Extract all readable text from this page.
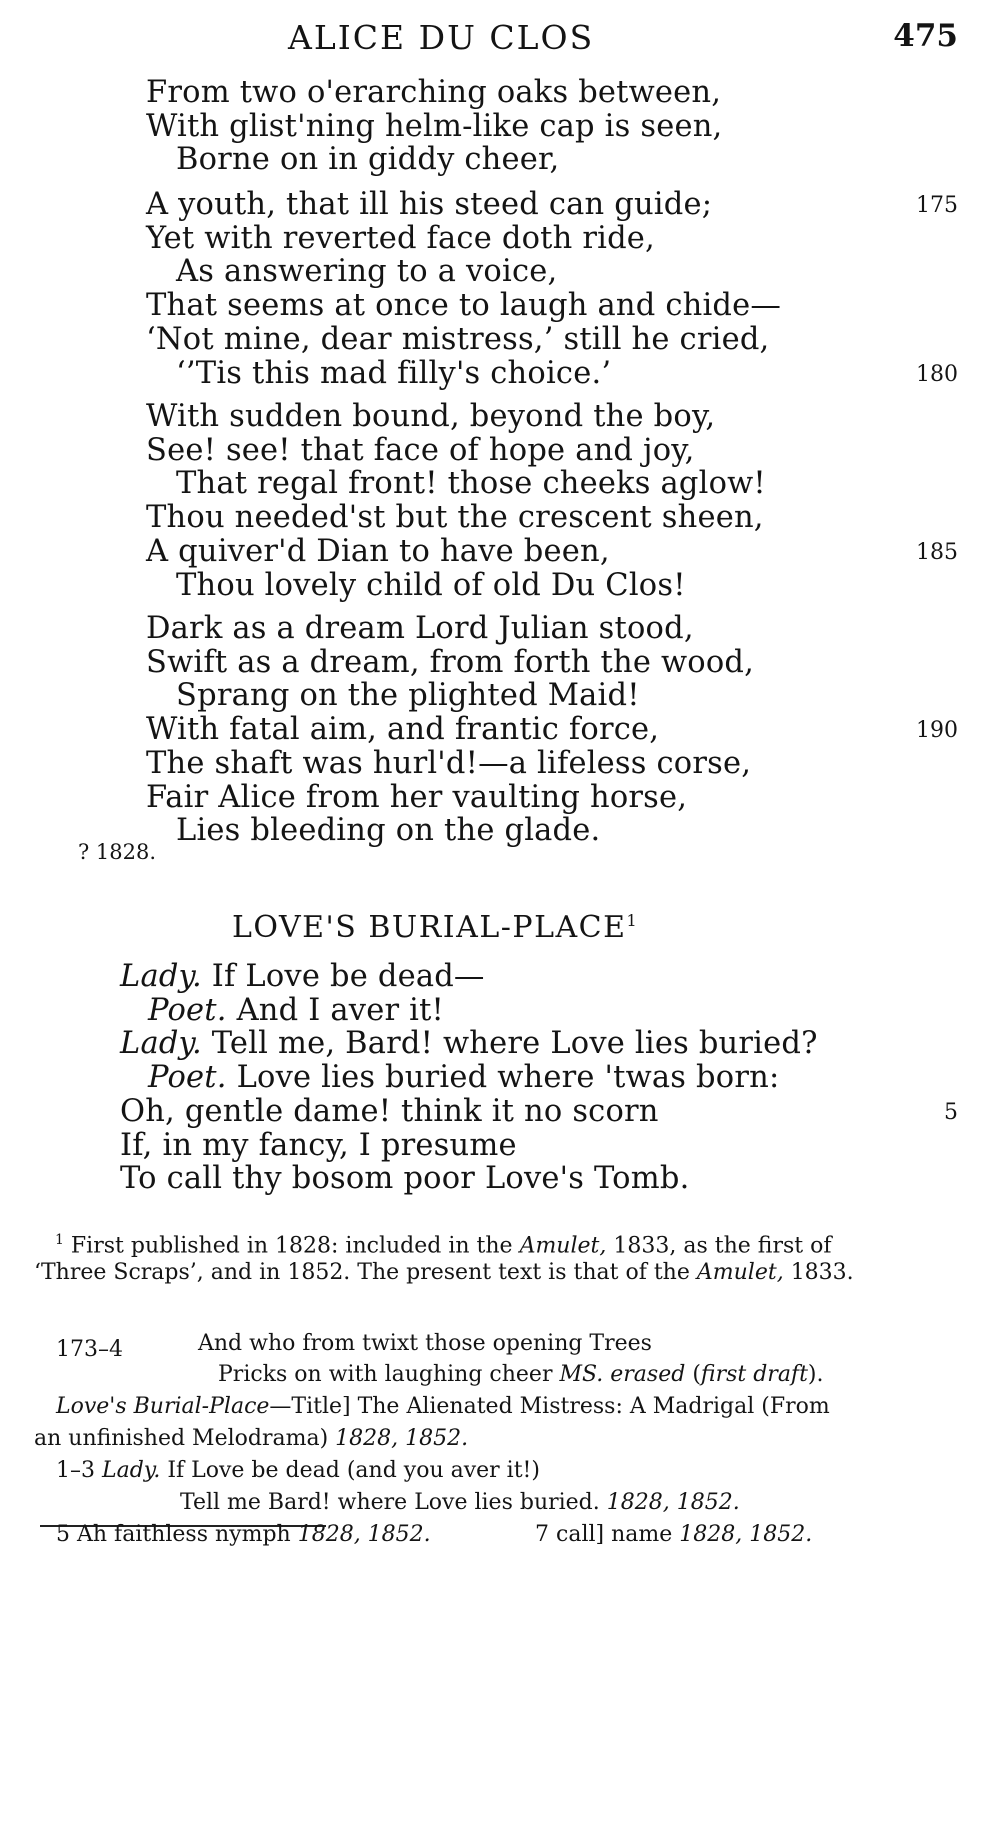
ALICE DU CLOS	475
From two o'erarching oaks between,
With glist'ning helm-like cap is seen,
Borne on in giddy cheer,
A youth, that ill his steed can guide;	175
Yet with reverted face doth ride,
As answering to a voice,
That seems at once to laugh and chide—
‘Not mine, dear mistress,’ still he cried,
‘’Tis this mad filly's choice.’	180
With sudden bound, beyond the boy,
See! see! that face of hope and joy,
That regal front! those cheeks aglow!
Thou needed'st but the crescent sheen,
A quiver'd Dian to have been,	185
Thou lovely child of old Du Clos!
Dark as a dream Lord Julian stood,
Swift as a dream, from forth the wood,
Sprang on the plighted Maid!
With fatal aim, and frantic force,	190
The shaft was hurl'd!—a lifeless corse,
Fair Alice from her vaulting horse,
Lies bleeding on the glade.
? 1828.
LOVE'S BURIAL-PLACE$^1$
Lady. If Love be dead—
Poet. And I aver it!
Lady. Tell me, Bard! where Love lies buried?
Poet. Love lies buried where 'twas born:
Oh, gentle dame! think it no scorn	5
If, in my fancy, I presume
To call thy bosom poor Love's Tomb.
$^1$ First published in 1828: included in the Amulet, 1833, as the first of
‘Three Scraps’, and in 1852. The present text is that of the Amulet, 1833.
173–4	And who from twixt those opening Trees
Pricks on with laughing cheer MS. erased (first draft).
Love's Burial-Place—Title] The Alienated Mistress: A Madrigal (From
an unfinished Melodrama) 1828, 1852.
1–3 Lady. If Love be dead (and you aver it!)
Tell me Bard! where Love lies buried. 1828, 1852.
5 Ah faithless nymph 1828, 1852.	7 call] name 1828, 1852.
